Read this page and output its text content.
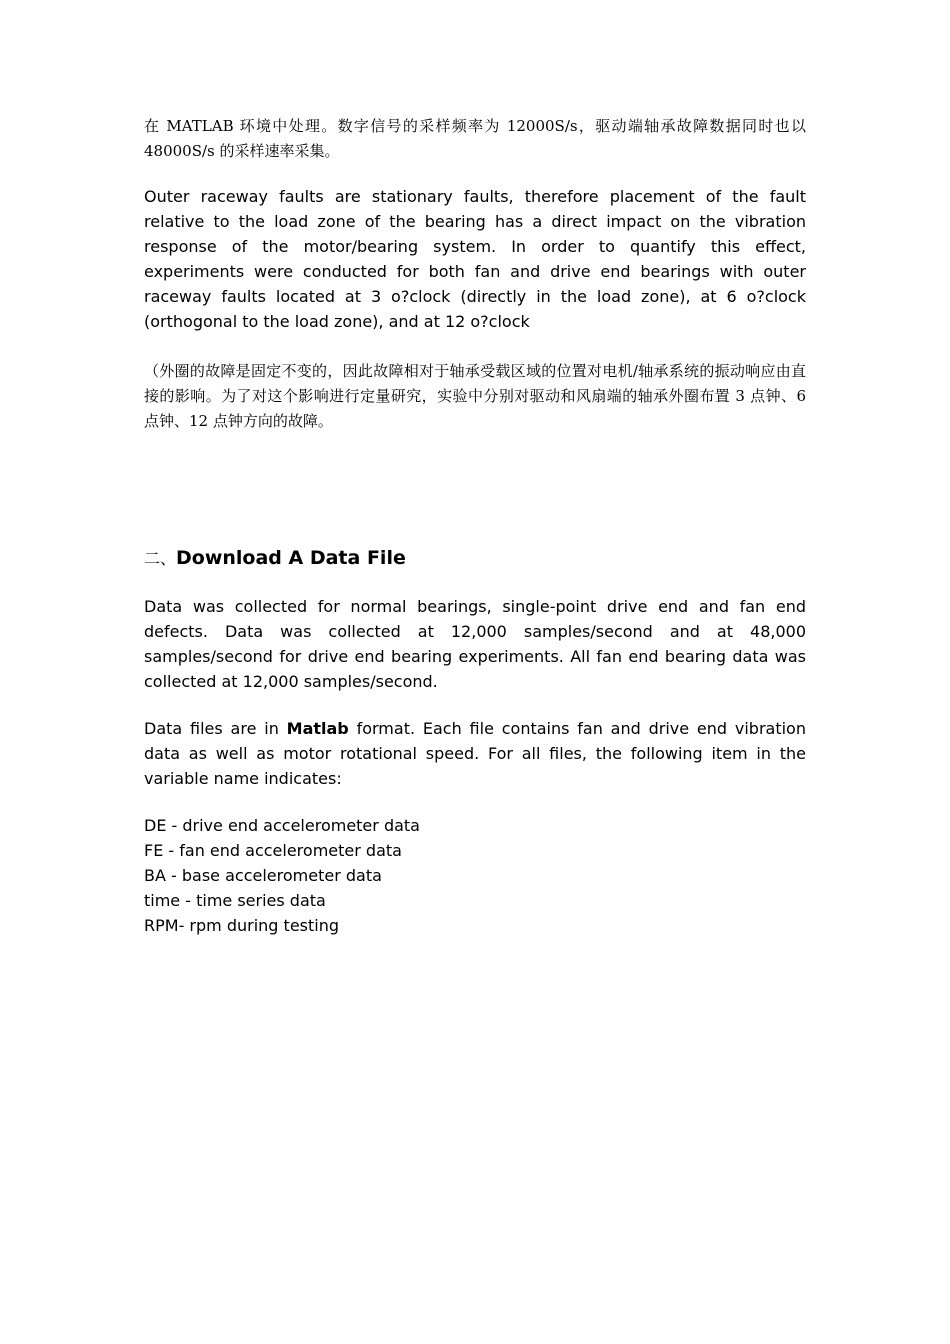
在 MATLAB 环境中处理。数字信号的采样频率为 12000S/s，驱动端轴承故障数据同时也以 48000S/s 的采样速率采集。

Outer raceway faults are stationary faults, therefore placement of the fault relative to the load zone of the bearing has a direct impact on the vibration response of the motor/bearing system. In order to quantify this effect, experiments were conducted for both fan and drive end bearings with outer raceway faults located at 3 o?clock (directly in the load zone), at 6 o?clock (orthogonal to the load zone), and at 12 o?clock

（外圈的故障是固定不变的，因此故障相对于轴承受载区域的位置对电机/轴承系统的振动响应由直接的影响。为了对这个影响进行定量研究，实验中分别对驱动和风扇端的轴承外圈布置 3 点钟、6 点钟、12 点钟方向的故障。

二、Download A Data File

Data was collected for normal bearings, single-point drive end and fan end defects. Data was collected at 12,000 samples/second and at 48,000 samples/second for drive end bearing experiments. All fan end bearing data was collected at 12,000 samples/second.

Data files are in Matlab format. Each file contains fan and drive end vibration data as well as motor rotational speed. For all files, the following item in the variable name indicates:

DE - drive end accelerometer data
FE - fan end accelerometer data
BA - base accelerometer data
time - time series data
RPM- rpm during testing
